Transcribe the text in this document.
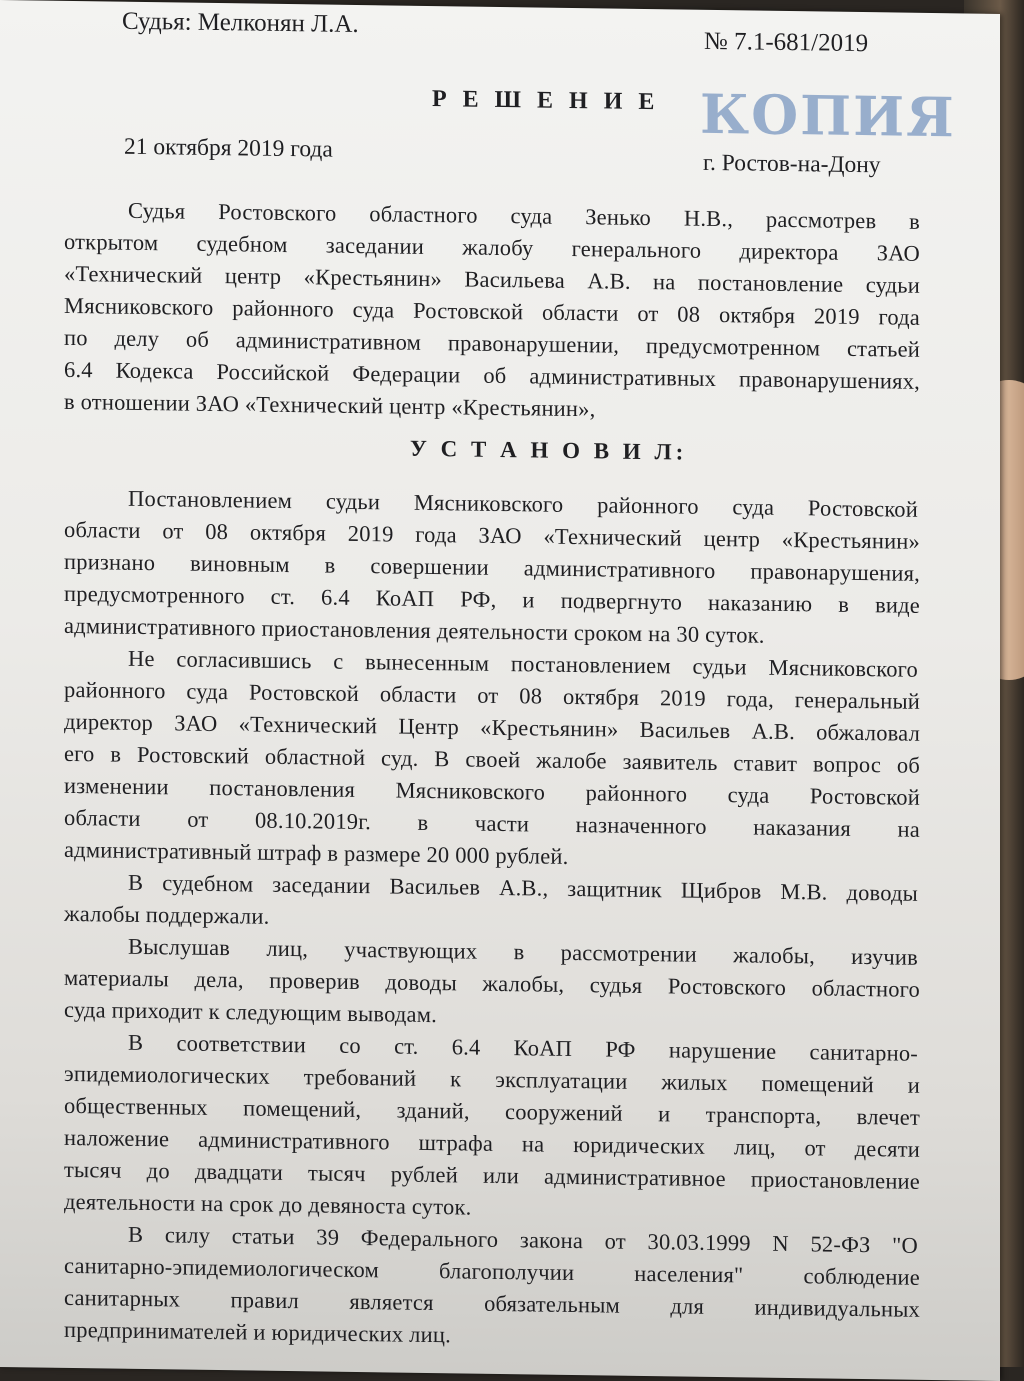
Судья: Мелконян Л.А.
№ 7.1-681/2019
Р Е Ш Е Н И Е КОПИЯ
21 октября 2019 года
г. Ростов-на-Дону
Судья Ростовского областного суда Зенько Н.В., рассмотрев в
открытом судебном заседании жалобу генерального директора ЗАО
«Технический центр «Крестьянин» Васильева А.В. на постановление судьи
Мясниковского районного суда Ростовской области от 08 октября 2019 года
по делу об административном правонарушении, предусмотренном статьей
6.4 Кодекса Российской Федерации об административных правонарушениях,
в отношении ЗАО «Технический центр «Крестьянин»,
У С Т А Н О В И Л:
Постановлением судьи Мясниковского районного суда Ростовской
области от 08 октября 2019 года ЗАО «Технический центр «Крестьянин»
признано виновным в совершении административного правонарушения,
предусмотренного ст. 6.4 КоАП РФ, и подвергнуто наказанию в виде
административного приостановления деятельности сроком на 30 суток.
Не согласившись с вынесенным постановлением судьи Мясниковского
районного суда Ростовской области от 08 октября 2019 года, генеральный
директор ЗАО «Технический Центр «Крестьянин» Васильев А.В. обжаловал
его в Ростовский областной суд. В своей жалобе заявитель ставит вопрос об
изменении постановления Мясниковского районного суда Ростовской
области от 08.10.2019г. в части назначенного наказания на
административный штраф в размере 20 000 рублей.
В судебном заседании Васильев А.В., защитник Щибров М.В. доводы
жалобы поддержали.
Выслушав лиц, участвующих в рассмотрении жалобы, изучив
материалы дела, проверив доводы жалобы, судья Ростовского областного
суда приходит к следующим выводам.
В соответствии со ст. 6.4 КоАП РФ нарушение санитарно-
эпидемиологических требований к эксплуатации жилых помещений и
общественных помещений, зданий, сооружений и транспорта, влечет
наложение административного штрафа на юридических лиц, от десяти
тысяч до двадцати тысяч рублей или административное приостановление
деятельности на срок до девяноста суток.
В силу статьи 39 Федерального закона от 30.03.1999 N 52-ФЗ "О
санитарно-эпидемиологическом благополучии населения" соблюдение
санитарных правил является обязательным для индивидуальных
предпринимателей и юридических лиц.
